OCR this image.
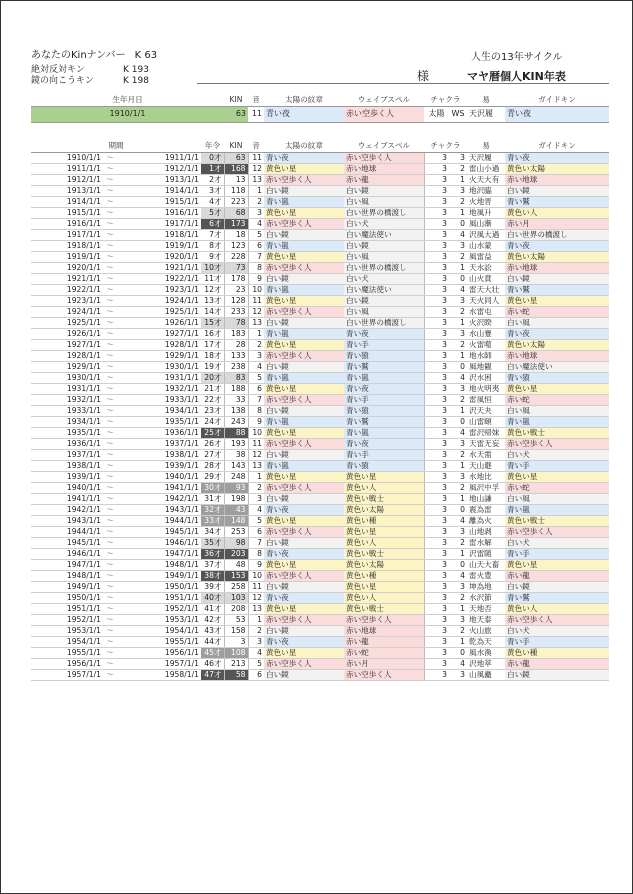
あなたのKinナンバー K 63
絶対反対キン	K 193
鏡の向こうキン	K 198
人生の13年サイクル
様	マヤ暦個人KIN年表
生年月日	KIN	音	太陽の紋章	ウェイブスペル	チャクラ		易	ガイドキン
1910/1/1	63	11	青い夜	赤い空歩く人	太陽	WS	天沢履	青い夜
期間			年令	KIN	音	太陽の紋章	ウェイブスペル	チャクラ		易	ガイドキン
1910/1/1	～	1911/1/1	0才	63	11	青い夜	赤い空歩く人	3	3	天沢履	青い夜
1911/1/1	～	1912/1/1	1才	168	12	黄色い星	赤い地球	3	2	雷山小過	黄色い太陽
1912/1/1	～	1913/1/1	2才	13	13	赤い空歩く人	赤い龍	3	1	火天大有	赤い地球
1913/1/1	～	1914/1/1	3才	118	1	白い鏡	白い鏡	3	3	地沢臨	白い鏡
1914/1/1	～	1915/1/1	4才	223	2	青い嵐	白い風	3	2	火地晋	青い鷲
1915/1/1	～	1916/1/1	5才	68	3	黄色い星	白い世界の橋渡し	3	1	地風升	黄色い人
1916/1/1	～	1917/1/1	6才	173	4	赤い空歩く人	白い犬	3	0	風山漸	赤い月
1917/1/1	～	1918/1/1	7才	18	5	白い鏡	白い魔法使い	3	4	沢風大過	白い世界の橋渡し
1918/1/1	～	1919/1/1	8才	123	6	青い嵐	白い鏡	3	3	山水蒙	青い夜
1919/1/1	～	1920/1/1	9才	228	7	黄色い星	白い風	3	2	風雷益	黄色い太陽
1920/1/1	～	1921/1/1	10才	73	8	赤い空歩く人	白い世界の橋渡し	3	1	天水訟	赤い地球
1921/1/1	～	1922/1/1	11才	178	9	白い鏡	白い犬	3	0	山火賁	白い鏡
1922/1/1	～	1923/1/1	12才	23	10	青い嵐	白い魔法使い	3	4	雷天大壮	青い鷲
1923/1/1	～	1924/1/1	13才	128	11	黄色い星	白い鏡	3	3	天火同人	黄色い星
1924/1/1	～	1925/1/1	14才	233	12	赤い空歩く人	白い風	3	2	水雷屯	赤い蛇
1925/1/1	～	1926/1/1	15才	78	13	白い鏡	白い世界の橋渡し	3	1	火沢睽	白い風
1926/1/1	～	1927/1/1	16才	183	1	青い嵐	青い夜	3	3	水山蹇	青い夜
1927/1/1	～	1928/1/1	17才	28	2	黄色い星	青い手	3	2	火雷噬	黄色い太陽
1928/1/1	～	1929/1/1	18才	133	3	赤い空歩く人	青い猿	3	1	地水師	赤い地球
1929/1/1	～	1930/1/1	19才	238	4	白い鏡	青い鷲	3	0	風地観	白い魔法使い
1930/1/1	～	1931/1/1	20才	83	5	青い嵐	青い嵐	3	4	沢水困	青い猿
1931/1/1	～	1932/1/1	21才	188	6	黄色い星	青い夜	3	3	地火明夷	黄色い星
1932/1/1	～	1933/1/1	22才	33	7	赤い空歩く人	青い手	3	2	雷風恒	赤い蛇
1933/1/1	～	1934/1/1	23才	138	8	白い鏡	青い猿	3	1	沢天夬	白い風
1934/1/1	～	1935/1/1	24才	243	9	青い嵐	青い鷲	3	0	山雷頤	青い嵐
1935/1/1	～	1936/1/1	25才	88	10	黄色い星	青い嵐	3	4	雷沢帰妹	黄色い戦士
1936/1/1	～	1937/1/1	26才	193	11	赤い空歩く人	青い夜	3	3	天雷无妄	赤い空歩く人
1937/1/1	～	1938/1/1	27才	38	12	白い鏡	青い手	3	2	水天需	白い犬
1938/1/1	～	1939/1/1	28才	143	13	青い嵐	青い猿	3	1	天山遯	青い手
1939/1/1	～	1940/1/1	29才	248	1	黄色い星	黄色い星	3	3	水地比	黄色い星
1940/1/1	～	1941/1/1	30才	93	2	赤い空歩く人	黄色い人	3	2	風沢中孚	赤い蛇
1941/1/1	～	1942/1/1	31才	198	3	白い鏡	黄色い戦士	3	1	地山謙	白い風
1942/1/1	～	1943/1/1	32才	43	4	青い夜	黄色い太陽	3	0	震為雷	青い嵐
1943/1/1	～	1944/1/1	33才	148	5	黄色い星	黄色い種	3	4	離為火	黄色い戦士
1944/1/1	～	1945/1/1	34才	253	6	赤い空歩く人	黄色い星	3	3	山地剥	赤い空歩く人
1945/1/1	～	1946/1/1	35才	98	7	白い鏡	黄色い人	3	2	雷水解	白い犬
1946/1/1	～	1947/1/1	36才	203	8	青い夜	黄色い戦士	3	1	沢雷随	青い手
1947/1/1	～	1948/1/1	37才	48	9	黄色い星	黄色い太陽	3	0	山天大畜	黄色い星
1948/1/1	～	1949/1/1	38才	153	10	赤い空歩く人	黄色い種	3	4	雷火豊	赤い龍
1949/1/1	～	1950/1/1	39才	258	11	白い鏡	黄色い星	3	3	坤為地	白い鏡
1950/1/1	～	1951/1/1	40才	103	12	青い夜	黄色い人	3	2	水沢節	青い鷲
1951/1/1	～	1952/1/1	41才	208	13	黄色い星	黄色い戦士	3	1	天地否	黄色い人
1952/1/1	～	1953/1/1	42才	53	1	赤い空歩く人	赤い空歩く人	3	3	地天泰	赤い空歩く人
1953/1/1	～	1954/1/1	43才	158	2	白い鏡	赤い地球	3	2	火山旅	白い犬
1954/1/1	～	1955/1/1	44才	3	3	青い夜	赤い龍	3	1	乾為天	青い手
1955/1/1	～	1956/1/1	45才	108	4	黄色い星	赤い蛇	3	0	風水渙	黄色い種
1956/1/1	～	1957/1/1	46才	213	5	赤い空歩く人	赤い月	3	4	沢地萃	赤い龍
1957/1/1	～	1958/1/1	47才	58	6	白い鏡	赤い空歩く人	3	3	山風蠱	白い鏡
